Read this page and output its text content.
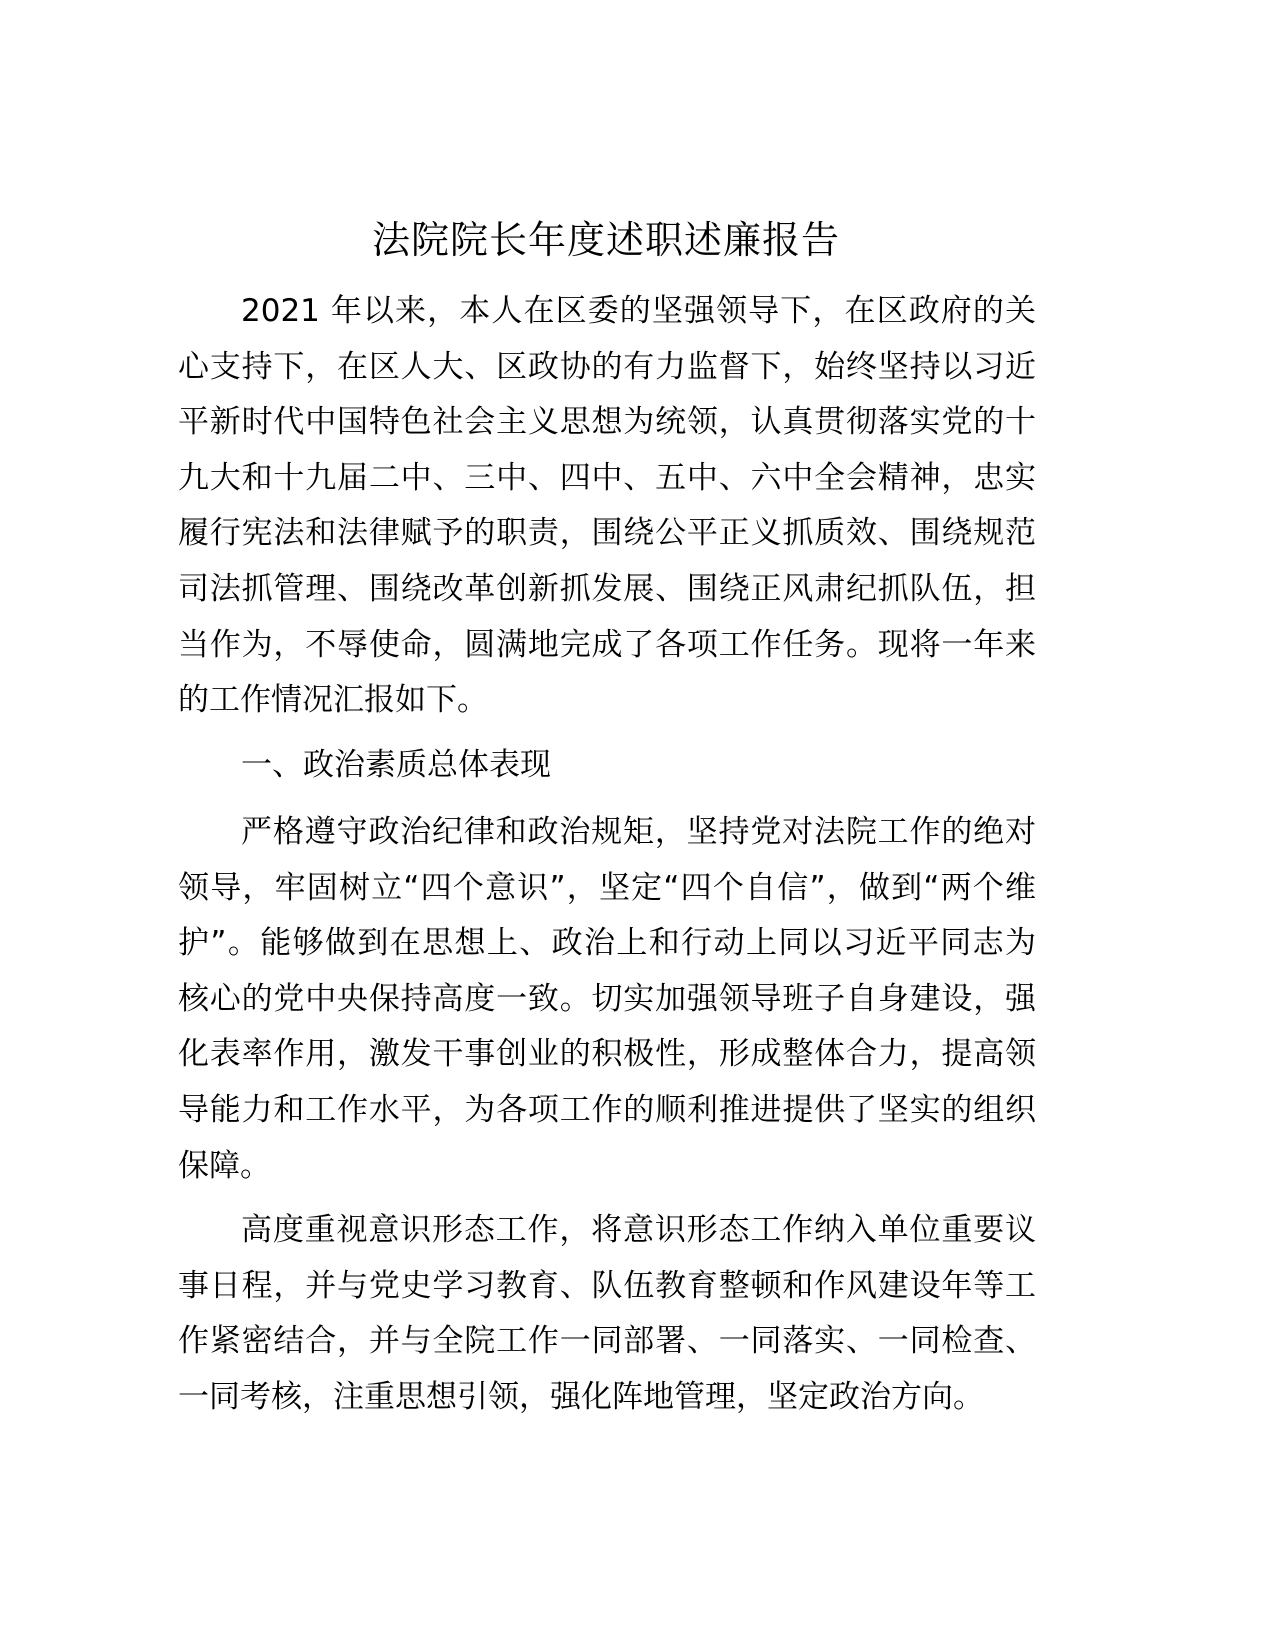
法院院长年度述职述廉报告
2021 年以来，本人在区委的坚强领导下，在区政府的关
心支持下，在区人大、区政协的有力监督下，始终坚持以习近
平新时代中国特色社会主义思想为统领，认真贯彻落实党的十
九大和十九届二中、三中、四中、五中、六中全会精神，忠实
履行宪法和法律赋予的职责，围绕公平正义抓质效、围绕规范
司法抓管理、围绕改革创新抓发展、围绕正风肃纪抓队伍，担
当作为，不辱使命，圆满地完成了各项工作任务。现将一年来
的工作情况汇报如下。
一、政治素质总体表现
严格遵守政治纪律和政治规矩，坚持党对法院工作的绝对
领导，牢固树立“四个意识”，坚定“四个自信”，做到“两个维
护”。能够做到在思想上、政治上和行动上同以习近平同志为
核心的党中央保持高度一致。切实加强领导班子自身建设，强
化表率作用，激发干事创业的积极性，形成整体合力，提高领
导能力和工作水平，为各项工作的顺利推进提供了坚实的组织
保障。
高度重视意识形态工作，将意识形态工作纳入单位重要议
事日程，并与党史学习教育、队伍教育整顿和作风建设年等工
作紧密结合，并与全院工作一同部署、一同落实、一同检查、
一同考核，注重思想引领，强化阵地管理，坚定政治方向。
